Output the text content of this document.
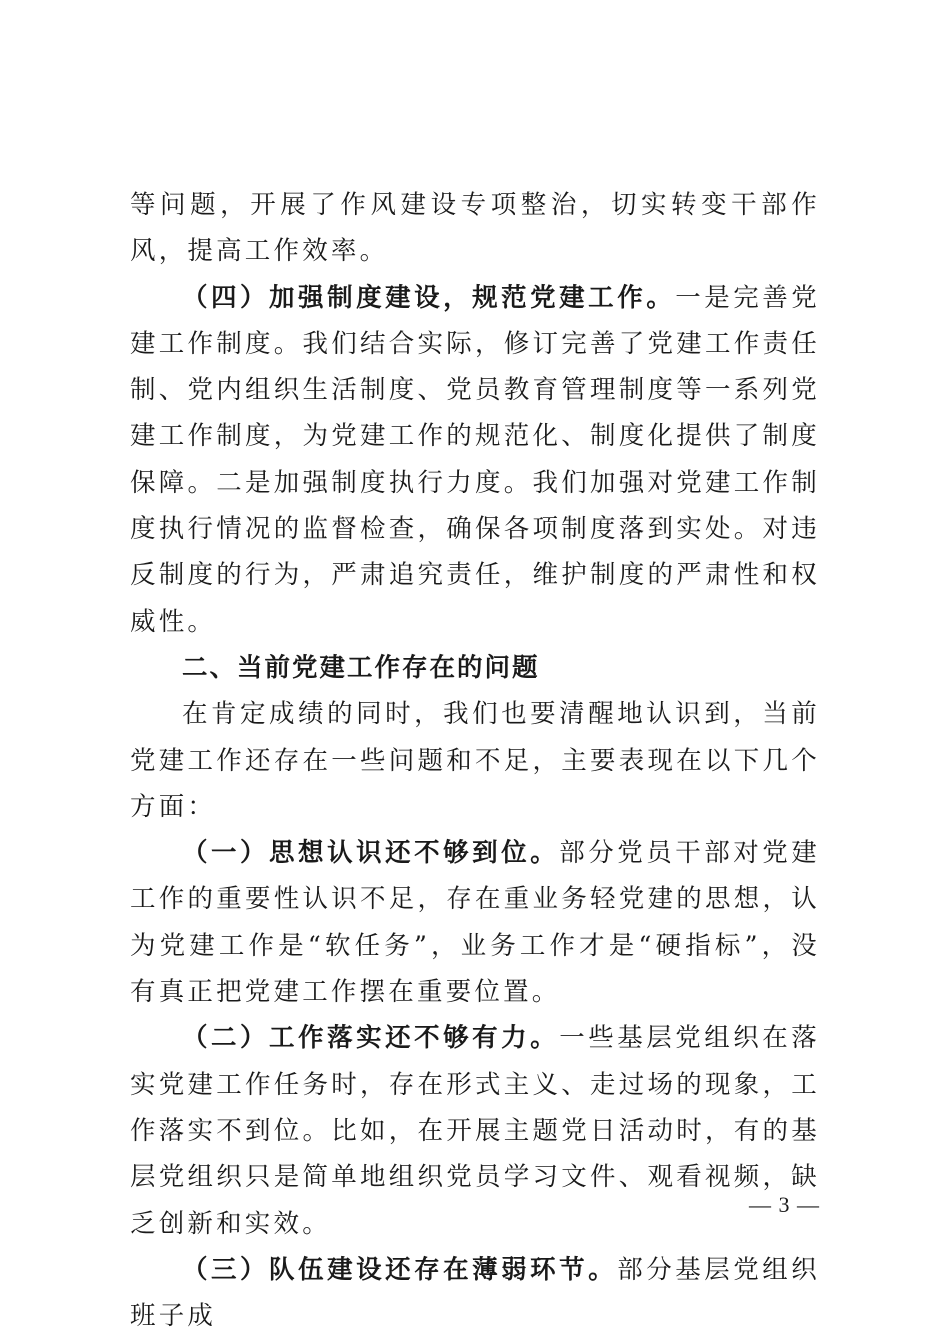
等问题，开展了作风建设专项整治，切实转变干部作风，提高工作效率。

（四）加强制度建设，规范党建工作。一是完善党建工作制度。我们结合实际，修订完善了党建工作责任制、党内组织生活制度、党员教育管理制度等一系列党建工作制度，为党建工作的规范化、制度化提供了制度保障。二是加强制度执行力度。我们加强对党建工作制度执行情况的监督检查，确保各项制度落到实处。对违反制度的行为，严肃追究责任，维护制度的严肃性和权威性。

二、当前党建工作存在的问题

在肯定成绩的同时，我们也要清醒地认识到，当前党建工作还存在一些问题和不足，主要表现在以下几个方面：

（一）思想认识还不够到位。部分党员干部对党建工作的重要性认识不足，存在重业务轻党建的思想，认为党建工作是“软任务”，业务工作才是“硬指标”，没有真正把党建工作摆在重要位置。

（二）工作落实还不够有力。一些基层党组织在落实党建工作任务时，存在形式主义、走过场的现象，工作落实不到位。比如，在开展主题党日活动时，有的基层党组织只是简单地组织党员学习文件、观看视频，缺乏创新和实效。

（三）队伍建设还存在薄弱环节。部分基层党组织班子成

— 3 —
